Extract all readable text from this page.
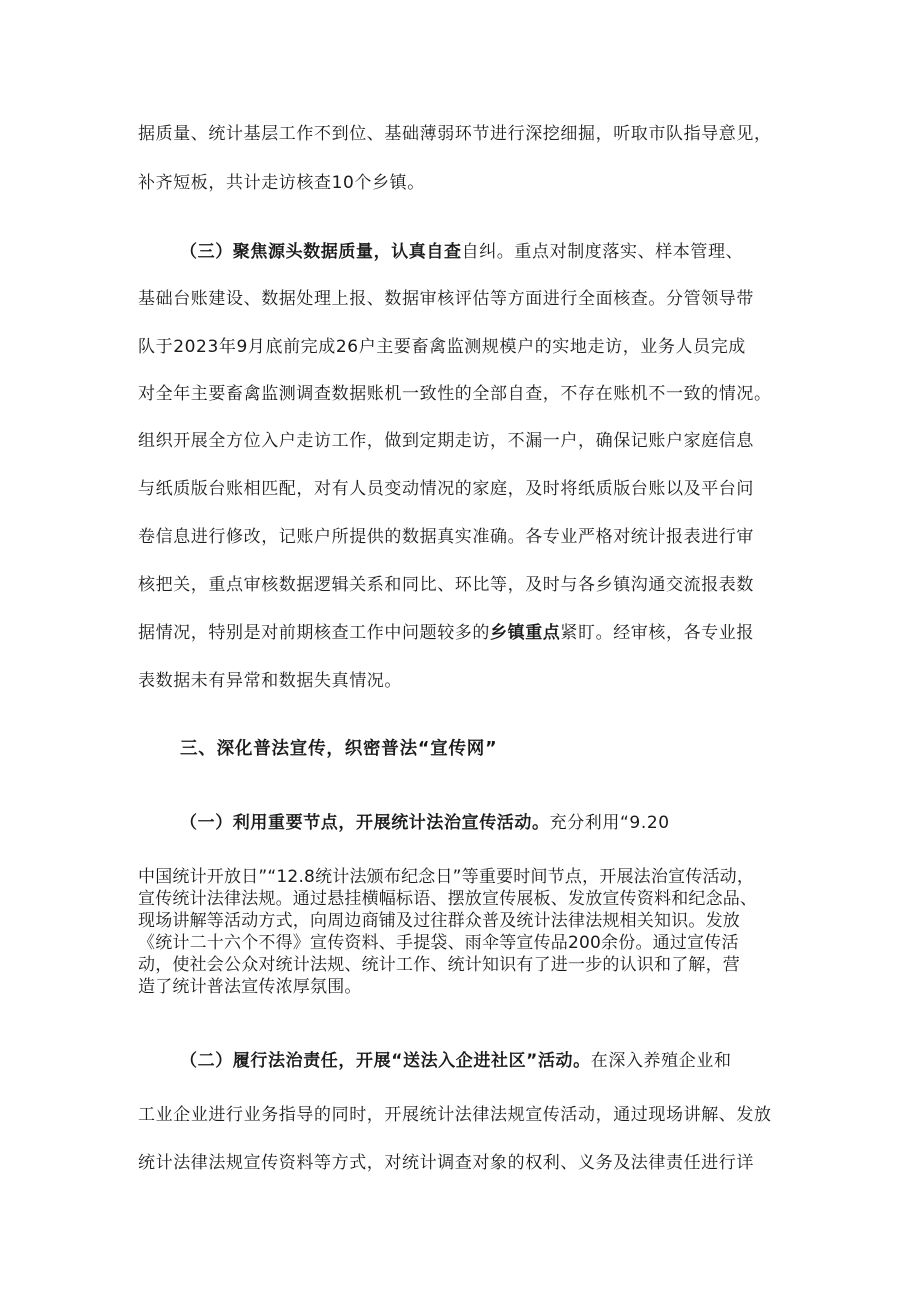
据质量、统计基层工作不到位、基础薄弱环节进行深挖细掘，听取市队指导意见，
补齐短板，共计走访核查10个乡镇。
（三）聚焦源头数据质量，认真自查自纠。重点对制度落实、样本管理、
基础台账建设、数据处理上报、数据审核评估等方面进行全面核查。分管领导带
队于2023年9月底前完成26户主要畜禽监测规模户的实地走访，业务人员完成
对全年主要畜禽监测调查数据账机一致性的全部自查，不存在账机不一致的情况。
组织开展全方位入户走访工作，做到定期走访，不漏一户，确保记账户家庭信息
与纸质版台账相匹配，对有人员变动情况的家庭，及时将纸质版台账以及平台问
卷信息进行修改，记账户所提供的数据真实准确。各专业严格对统计报表进行审
核把关，重点审核数据逻辑关系和同比、环比等，及时与各乡镇沟通交流报表数
据情况，特别是对前期核查工作中问题较多的乡镇重点紧盯。经审核，各专业报
表数据未有异常和数据失真情况。
三、深化普法宣传，织密普法“宣传网”
（一）利用重要节点，开展统计法治宣传活动。充分利用“9.20
中国统计开放日”“12.8统计法颁布纪念日”等重要时间节点，开展法治宣传活动，
宣传统计法律法规。通过悬挂横幅标语、摆放宣传展板、发放宣传资料和纪念品、
现场讲解等活动方式，向周边商铺及过往群众普及统计法律法规相关知识。发放
《统计二十六个不得》宣传资料、手提袋、雨伞等宣传品200余份。通过宣传活
动，使社会公众对统计法规、统计工作、统计知识有了进一步的认识和了解，营
造了统计普法宣传浓厚氛围。
（二）履行法治责任，开展“送法入企进社区”活动。在深入养殖企业和
工业企业进行业务指导的同时，开展统计法律法规宣传活动，通过现场讲解、发放
统计法律法规宣传资料等方式，对统计调查对象的权利、义务及法律责任进行详
